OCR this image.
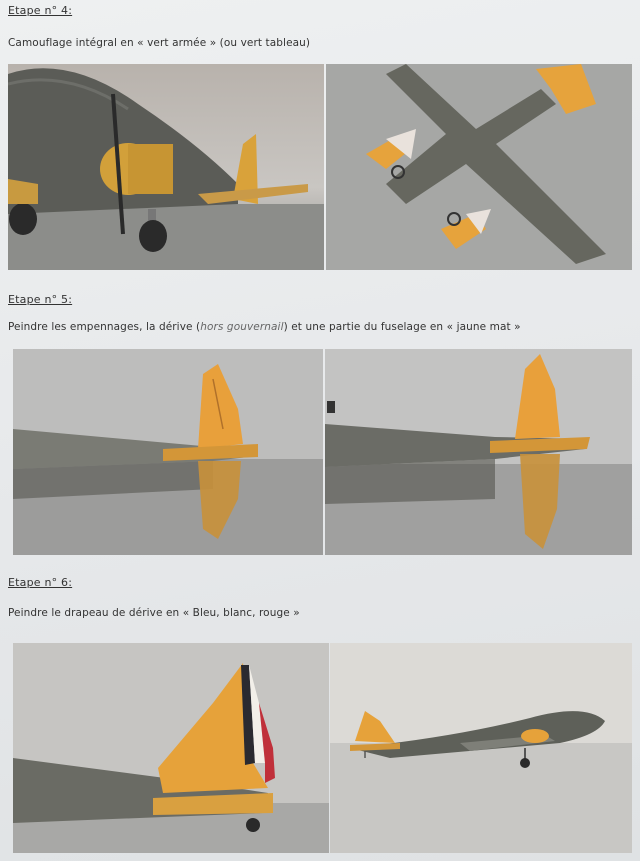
Etape n° 4:
Camouflage intégral en « vert armée » (ou vert tableau)
Etape n° 5:
Peindre les empennages, la dérive (hors gouvernail) et une partie du fuselage en « jaune mat »
Etape n° 6:
Peindre le drapeau de dérive en « Bleu, blanc, rouge »
